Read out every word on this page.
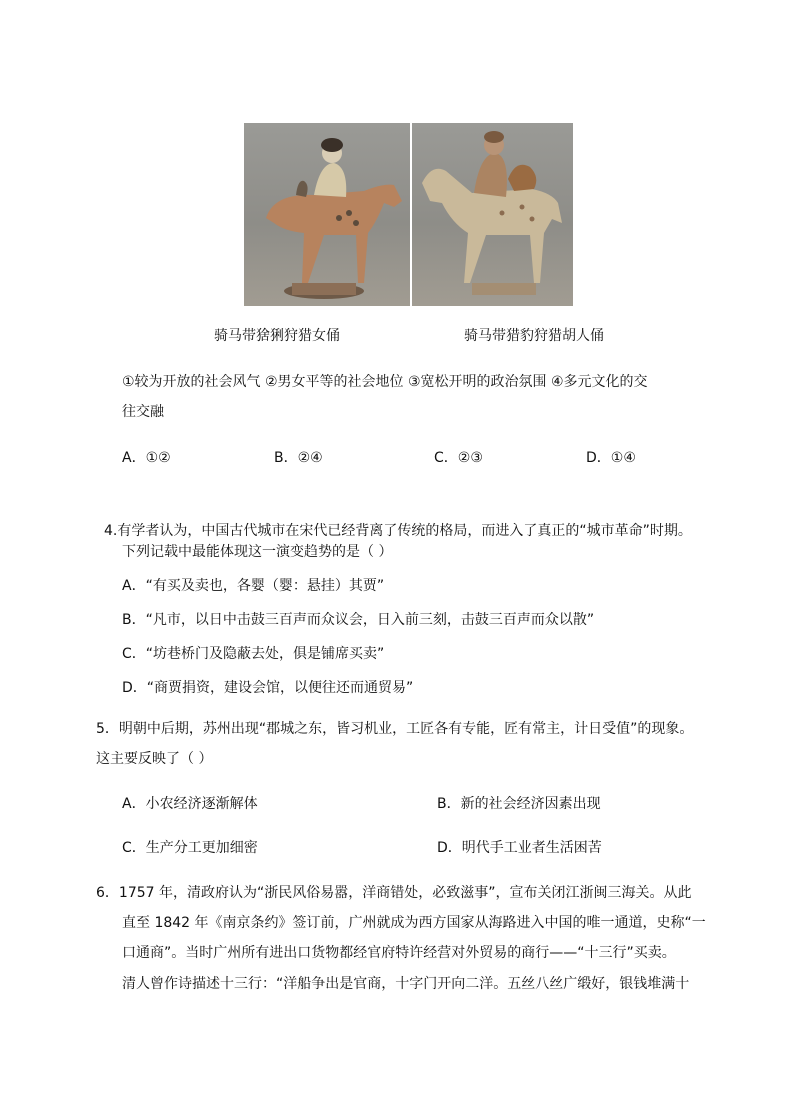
骑马带猞猁狩猎女俑	骑马带猎豹狩猎胡人俑
①较为开放的社会风气 ②男女平等的社会地位 ③宽松开明的政治氛围 ④多元文化的交
往交融
A．①②	B．②④	C．②③	D．①④
4.有学者认为，中国古代城市在宋代已经背离了传统的格局，而进入了真正的“城市革命”时期。
下列记载中最能体现这一演变趋势的是（ ）
A．“有买及卖也，各婴（婴：悬挂）其贾”
B．“凡市，以日中击鼓三百声而众议会，日入前三刻，击鼓三百声而众以散”
C．“坊巷桥门及隐蔽去处，俱是铺席买卖”
D．“商贾捐资，建设会馆，以便往还而通贸易”
5．明朝中后期，苏州出现“郡城之东，皆习机业，工匠各有专能，匠有常主，计日受值”的现象。
这主要反映了（ ）
A．小农经济逐渐解体	B．新的社会经济因素出现
C．生产分工更加细密	D．明代手工业者生活困苦
6．1757 年，清政府认为“浙民风俗易嚣，洋商错处，必致滋事”，宣布关闭江浙闽三海关。从此
直至 1842 年《南京条约》签订前，广州就成为西方国家从海路进入中国的唯一通道，史称“一
口通商”。当时广州所有进出口货物都经官府特许经营对外贸易的商行——“十三行”买卖。
清人曾作诗描述十三行：“洋船争出是官商，十字门开向二洋。五丝八丝广缎好，银钱堆满十
